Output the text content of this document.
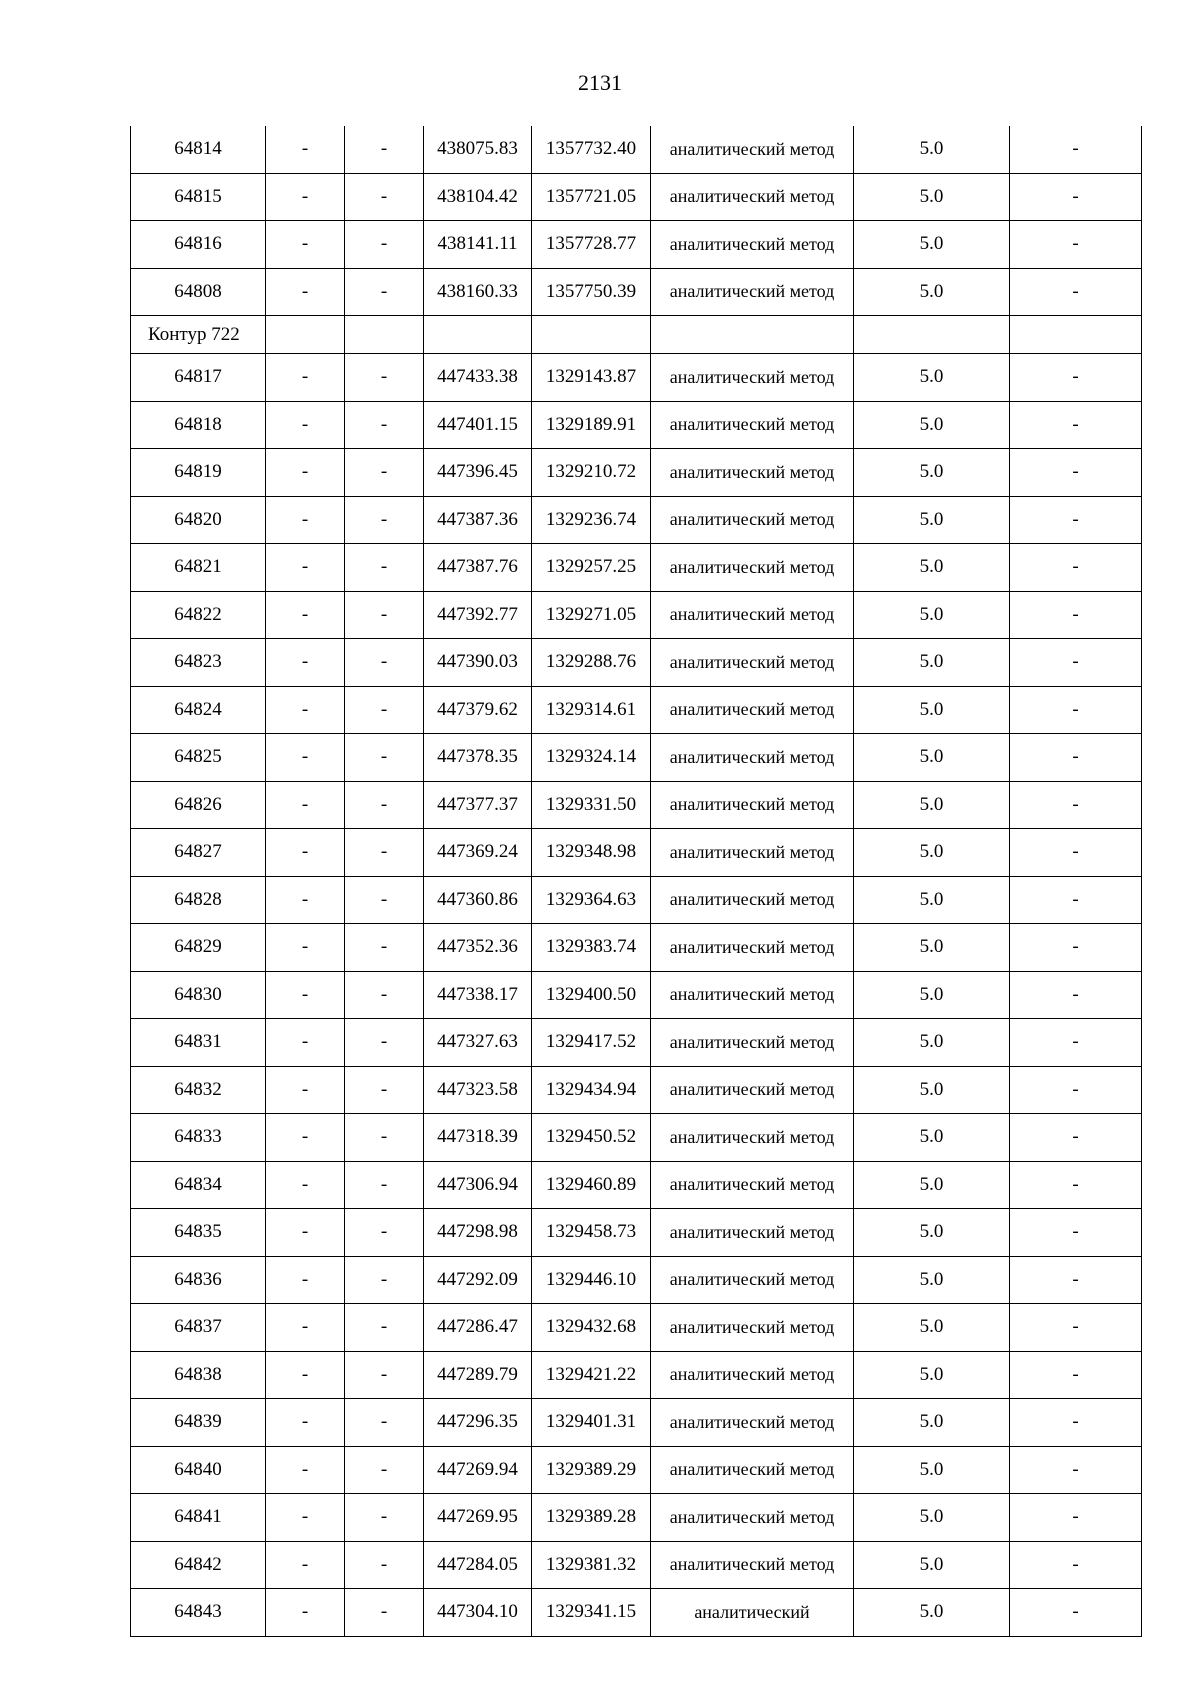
2131
64814	-	-	438075.83	1357732.40	аналитический метод	5.0	-
64815	-	-	438104.42	1357721.05	аналитический метод	5.0	-
64816	-	-	438141.11	1357728.77	аналитический метод	5.0	-
64808	-	-	438160.33	1357750.39	аналитический метод	5.0	-
Контур 722							
64817	-	-	447433.38	1329143.87	аналитический метод	5.0	-
64818	-	-	447401.15	1329189.91	аналитический метод	5.0	-
64819	-	-	447396.45	1329210.72	аналитический метод	5.0	-
64820	-	-	447387.36	1329236.74	аналитический метод	5.0	-
64821	-	-	447387.76	1329257.25	аналитический метод	5.0	-
64822	-	-	447392.77	1329271.05	аналитический метод	5.0	-
64823	-	-	447390.03	1329288.76	аналитический метод	5.0	-
64824	-	-	447379.62	1329314.61	аналитический метод	5.0	-
64825	-	-	447378.35	1329324.14	аналитический метод	5.0	-
64826	-	-	447377.37	1329331.50	аналитический метод	5.0	-
64827	-	-	447369.24	1329348.98	аналитический метод	5.0	-
64828	-	-	447360.86	1329364.63	аналитический метод	5.0	-
64829	-	-	447352.36	1329383.74	аналитический метод	5.0	-
64830	-	-	447338.17	1329400.50	аналитический метод	5.0	-
64831	-	-	447327.63	1329417.52	аналитический метод	5.0	-
64832	-	-	447323.58	1329434.94	аналитический метод	5.0	-
64833	-	-	447318.39	1329450.52	аналитический метод	5.0	-
64834	-	-	447306.94	1329460.89	аналитический метод	5.0	-
64835	-	-	447298.98	1329458.73	аналитический метод	5.0	-
64836	-	-	447292.09	1329446.10	аналитический метод	5.0	-
64837	-	-	447286.47	1329432.68	аналитический метод	5.0	-
64838	-	-	447289.79	1329421.22	аналитический метод	5.0	-
64839	-	-	447296.35	1329401.31	аналитический метод	5.0	-
64840	-	-	447269.94	1329389.29	аналитический метод	5.0	-
64841	-	-	447269.95	1329389.28	аналитический метод	5.0	-
64842	-	-	447284.05	1329381.32	аналитический метод	5.0	-
64843	-	-	447304.10	1329341.15	аналитический	5.0	-
